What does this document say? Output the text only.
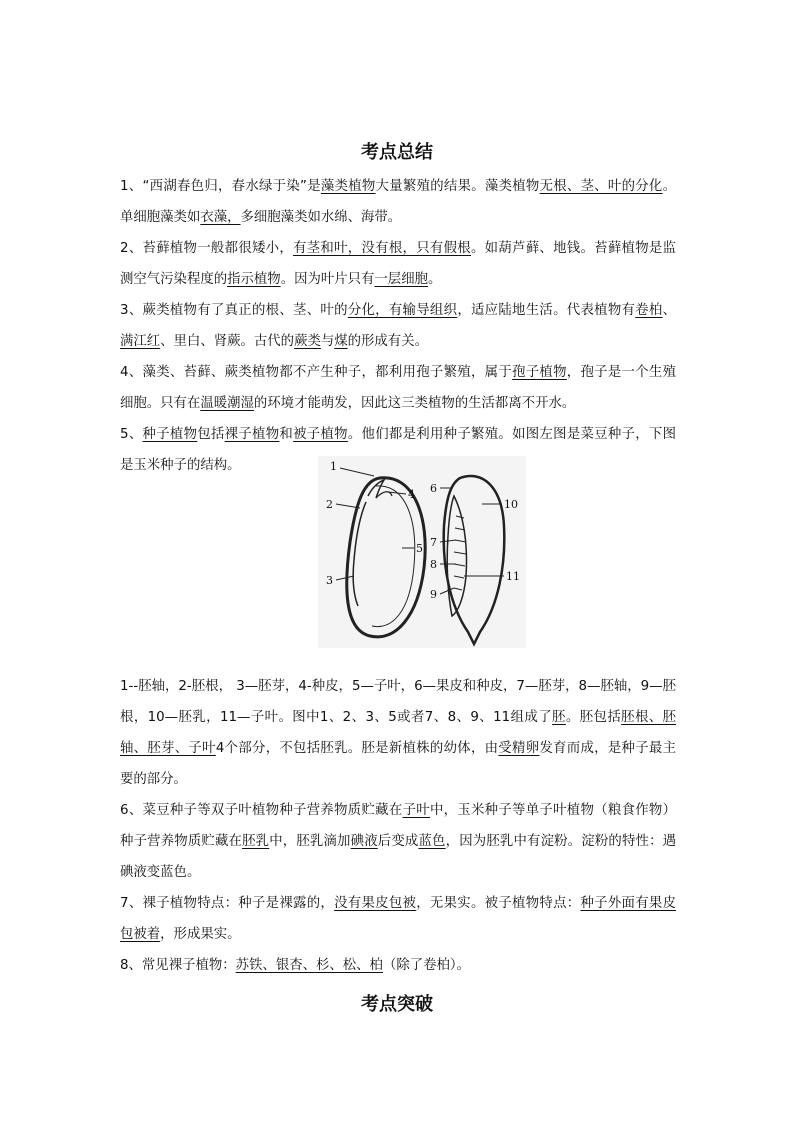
考点总结
1、“西湖春色归，春水绿于染”是藻类植物大量繁殖的结果。藻类植物无根、茎、叶的分化。单细胞藻类如衣藻，多细胞藻类如水绵、海带。
2、苔藓植物一般都很矮小，有茎和叶，没有根，只有假根。如葫芦藓、地钱。苔藓植物是监测空气污染程度的指示植物。因为叶片只有一层细胞。
3、蕨类植物有了真正的根、茎、叶的分化，有输导组织，适应陆地生活。代表植物有卷柏、满江红、里白、肾蕨。古代的蕨类与煤的形成有关。
4、藻类、苔藓、蕨类植物都不产生种子，都利用孢子繁殖，属于孢子植物，孢子是一个生殖细胞。只有在温暖潮湿的环境才能萌发，因此这三类植物的生活都离不开水。
5、种子植物包括裸子植物和被子植物。他们都是利用种子繁殖。如图左图是菜豆种子，下图是玉米种子的结构。	1
2
3
4
5
6
7
8
9
10
11
1--胚轴，2-胚根， 3—胚芽，4-种皮，5—子叶，6—果皮和种皮，7—胚芽，8—胚轴，9—胚根，10—胚乳，11—子叶。图中1、2、3、5或者7、8、9、11组成了胚。胚包括胚根、胚轴、胚芽、子叶4个部分，不包括胚乳。胚是新植株的幼体，由受精卵发育而成，是种子最主要的部分。
6、菜豆种子等双子叶植物种子营养物质贮藏在子叶中，玉米种子等单子叶植物（粮食作物）种子营养物质贮藏在胚乳中，胚乳滴加碘液后变成蓝色，因为胚乳中有淀粉。淀粉的特性：遇碘液变蓝色。
7、裸子植物特点：种子是裸露的，没有果皮包被，无果实。被子植物特点：种子外面有果皮包被着，形成果实。
8、常见裸子植物：苏铁、银杏、杉、松、柏（除了卷柏）。
考点突破
